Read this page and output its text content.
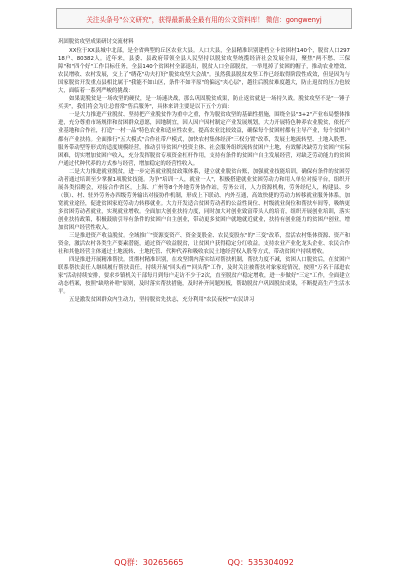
关注头条号"公文研究"，获得最新最全最有用的公文资料库！ 微信：gongwenyj
巩固脱贫攻坚成果研讨交流材料

XX位于XX县城中北部，是全省典型的丘区农业大县。人口大县，全县精准识别建档立卡贫困村140个，脱贫人口29718户、80382人。近年来，县委、县政府带领全县人民坚持以脱贫攻坚统揽经济社会发展全局，聚焦"两不愁、三保障"和"四个好"工作目标任务，全县140个贫困村全部退出，脱贫人口全部脱贫，一举甩掉了贫困的帽子，推动农业增效、农民增收、农村发展，交上了"绣花"功夫打好"脱贫攻坚大会战"。虽然我县脱贫攻坚工作已经取得阶段性成效，但是因为与国家脱贫开发重点县相比属于"我能不如山区，条件不如平原"的偏远"夹心层"，越往后脱贫难度越大，防止返贫的压力也较大，面临着一系列严峻的挑战：

如果说脱贫是一场攻坚的硬仗，是一场速决战，那么巩固脱贫成果，防止返贫就是一场持久战。脱贫攻坚不是"一锤子买卖"，我们将会为让总督常"售后服务"，具体来讲主要是以下五个方面：

一是大力推进产业脱贫、坚持把产业脱贫作为重中之重，作为脱贫攻坚的基础性措施，围绕全县"3+2"产业布局整体推进，充分尊重市场规律和贫困群众意愿，因地制宜，因人因户因村制定产业发展规划，大力开展特色种养农业脱贫，依托产业基地和合作社，打造"一村一品"特色农业和适应性农业，提高农业比较效益，确保每个贫困村都有主导产业，每个贫困户都有产业扶持。全面推行"五大模式"合作社带户模式，加快农村集体经济"三权分置"改革，发展土地流转型、土地入股型、服务带动型等形式的适度规模经营，推动引导贫困户投资主体、社会服务组织流转贫困户土地，有效解决缺劳力贫困户实际困难，切实增加贫困户收入，充分发挥脱贫专项资金杠杆作用，支持有条件的贫困户自主发展经营，对缺乏劳动能力的贫困户通过代种代养的方式参与经营，增加稳定的经营性收入。

二是大力推进就业脱贫，进一步完善就业脱贫政策体系，建立就业脱贫台账，加强就业技能培训，确保有条件的贫困劳动者通过培训至少掌握1项脱贫技能。为争"培训一人，就业一人"，积极搭建就业贫困劳动力和用人单位对接平台，组织开展各类招聘会，对接合作省区，上海、广州等8个外地劳务协作站，劳务公司，人力资源机构，劳务经纪人，构建县、乡（镇）、村、驻外劳务办四级劳务输出对接协作机制，形成上下联动、内外互通，高效快捷的劳动力转移就业服务体系，加宽就业途径，促进贫困家庭劳动力转移就业。大力开发适合贫困劳动者的公益性岗位、村级就业岗位和帮扶车间等，吸纳更多贫困劳动者就业，实现就业增收。全面加大创业扶持力度，同时加大对创业致富带头人的培育，组织开展创业培训，落实创业扶持政策，积极鼓励引导有条件的贫困户自主创业，带动更多贫困户就地就近就业，扶持有创业能力的贫困户创业，增加贫困户经营性收入。

三是推进资产收益脱贫。全域推广"资源变资产、资金变股金、农民变股东"的"三变"改革，盘活农村集体资源、资产和资金，激活农村各类生产要素潜能，通过资产收益脱贫，让贫困户获得稳定分红收益。支持农业产业化龙头企业、农民合作社和其他经营主体通过土地流转、土地托管、代种代养和吸收农民土地经营权入股等方式，带动贫困户持续增收。

四是推进开展精准帮扶。贯彻村精准识别，在攻坚期内落实结对帮扶机制，帮扶力度不减，贫困人口脱贫后，在贫困户联系帮扶责任人继续履行帮扶责任，持续开展"回头看""回头帮"工作，及时关注被帮扶对象家庭情况，按照"万名干部进农家"活动持续安排，要求乡镇机关干部每月到每户走访不少于2次，直至脱贫户稳定增收，进一步做好"三定"工作，全面建立动态档案，按照"缺啥补啥"原则，及时落实帮扶措施，及时补齐问题短板，帮助脱贫户巩固脱贫成果，不断提高生产生活水平。

五是激发贫困群众内生动力，坚持脱贫先扶志，充分利用"农民夜校""农民讲习

QQ群：30265665	QQ：535304092
